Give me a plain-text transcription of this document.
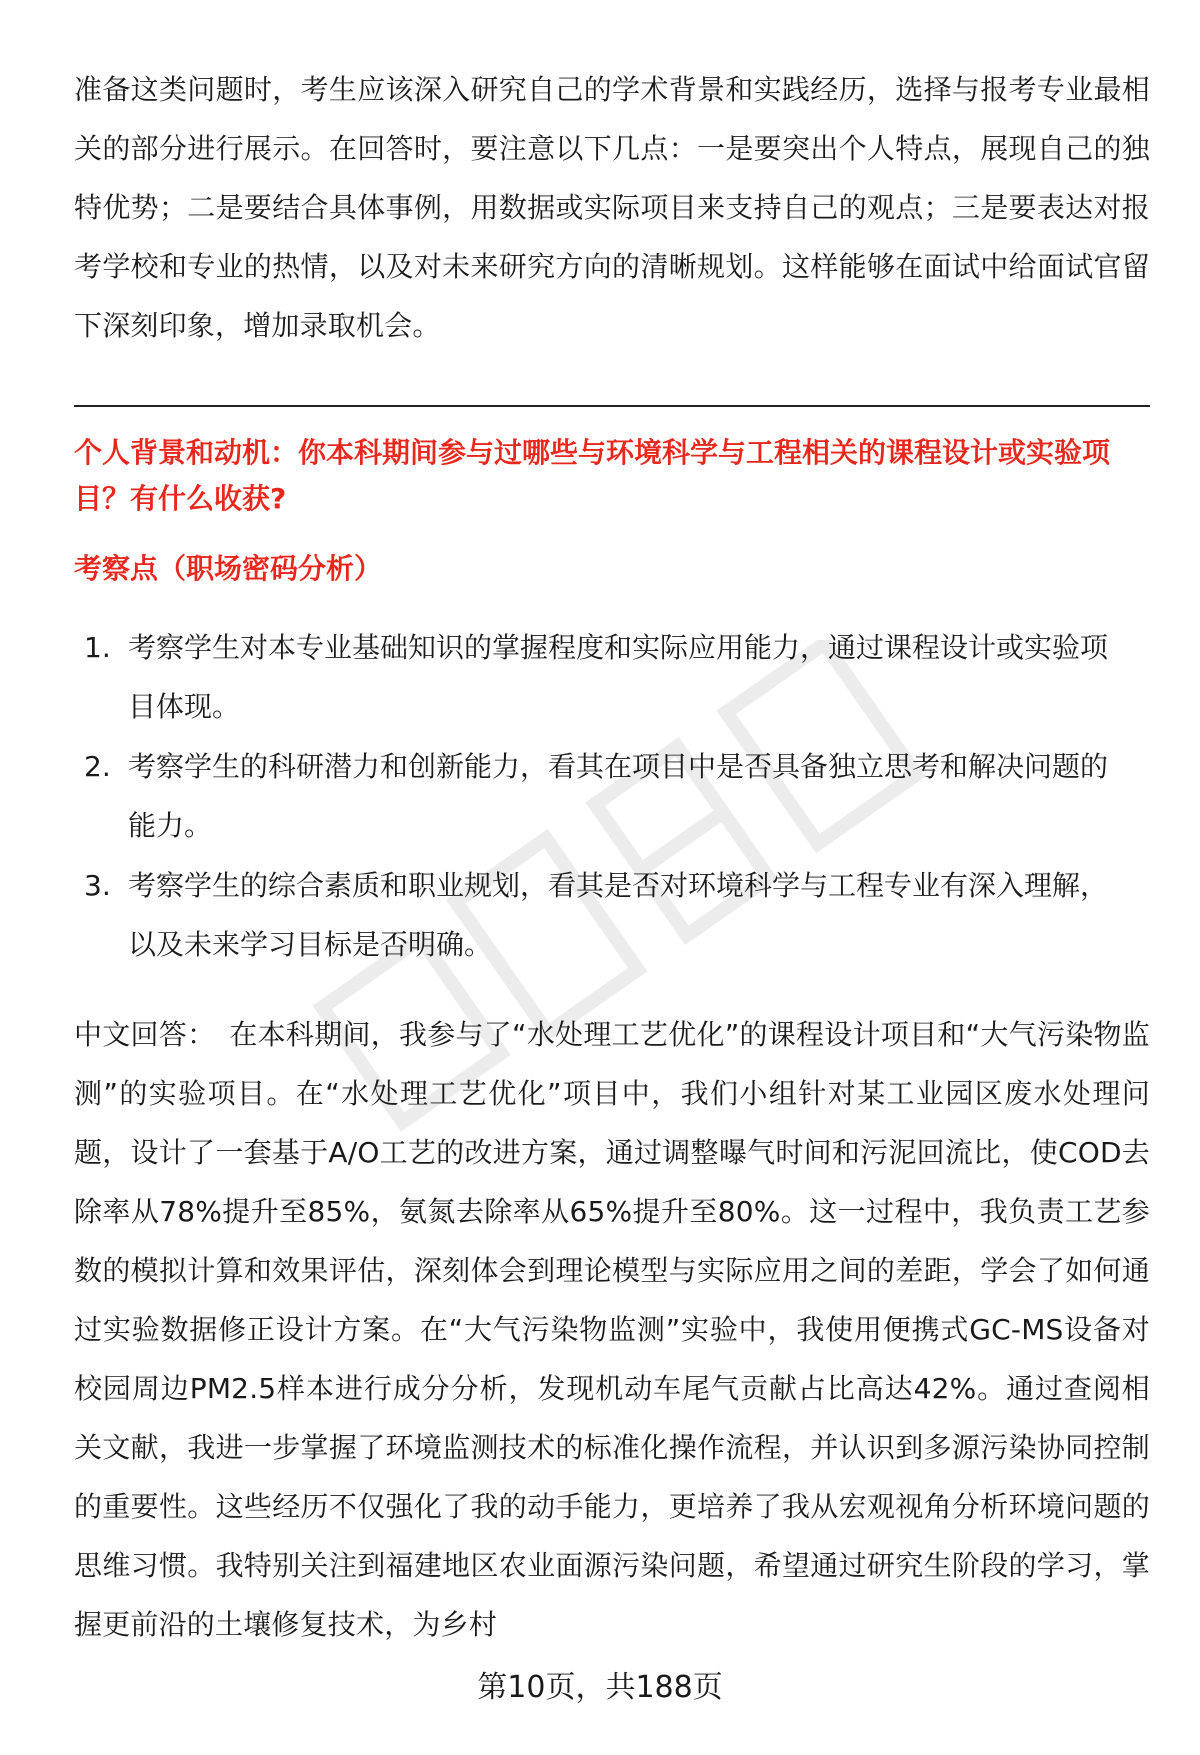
准备这类问题时，考生应该深入研究自己的学术背景和实践经历，选择与报考专业最相关的部分进行展示。在回答时，要注意以下几点：一是要突出个人特点，展现自己的独特优势；二是要结合具体事例，用数据或实际项目来支持自己的观点；三是要表达对报考学校和专业的热情，以及对未来研究方向的清晰规划。这样能够在面试中给面试官留下深刻印象，增加录取机会。

个人背景和动机：你本科期间参与过哪些与环境科学与工程相关的课程设计或实验项目？有什么收获?

考察点（职场密码分析）

1. 考察学生对本专业基础知识的掌握程度和实际应用能力，通过课程设计或实验项目体现。
2. 考察学生的科研潜力和创新能力，看其在项目中是否具备独立思考和解决问题的能力。
3. 考察学生的综合素质和职业规划，看其是否对环境科学与工程专业有深入理解，以及未来学习目标是否明确。

中文回答： 在本科期间，我参与了“水处理工艺优化”的课程设计项目和“大气污染物监测”的实验项目。在“水处理工艺优化”项目中，我们小组针对某工业园区废水处理问题，设计了一套基于A/O工艺的改进方案，通过调整曝气时间和污泥回流比，使COD去除率从78%提升至85%，氨氮去除率从65%提升至80%。这一过程中，我负责工艺参数的模拟计算和效果评估，深刻体会到理论模型与实际应用之间的差距，学会了如何通过实验数据修正设计方案。在“大气污染物监测”实验中，我使用便携式GC-MS设备对校园周边PM2.5样本进行成分分析，发现机动车尾气贡献占比高达42%。通过查阅相关文献，我进一步掌握了环境监测技术的标准化操作流程，并认识到多源污染协同控制的重要性。这些经历不仅强化了我的动手能力，更培养了我从宏观视角分析环境问题的思维习惯。我特别关注到福建地区农业面源污染问题，希望通过研究生阶段的学习，掌握更前沿的土壤修复技术，为乡村

第10页，共188页
